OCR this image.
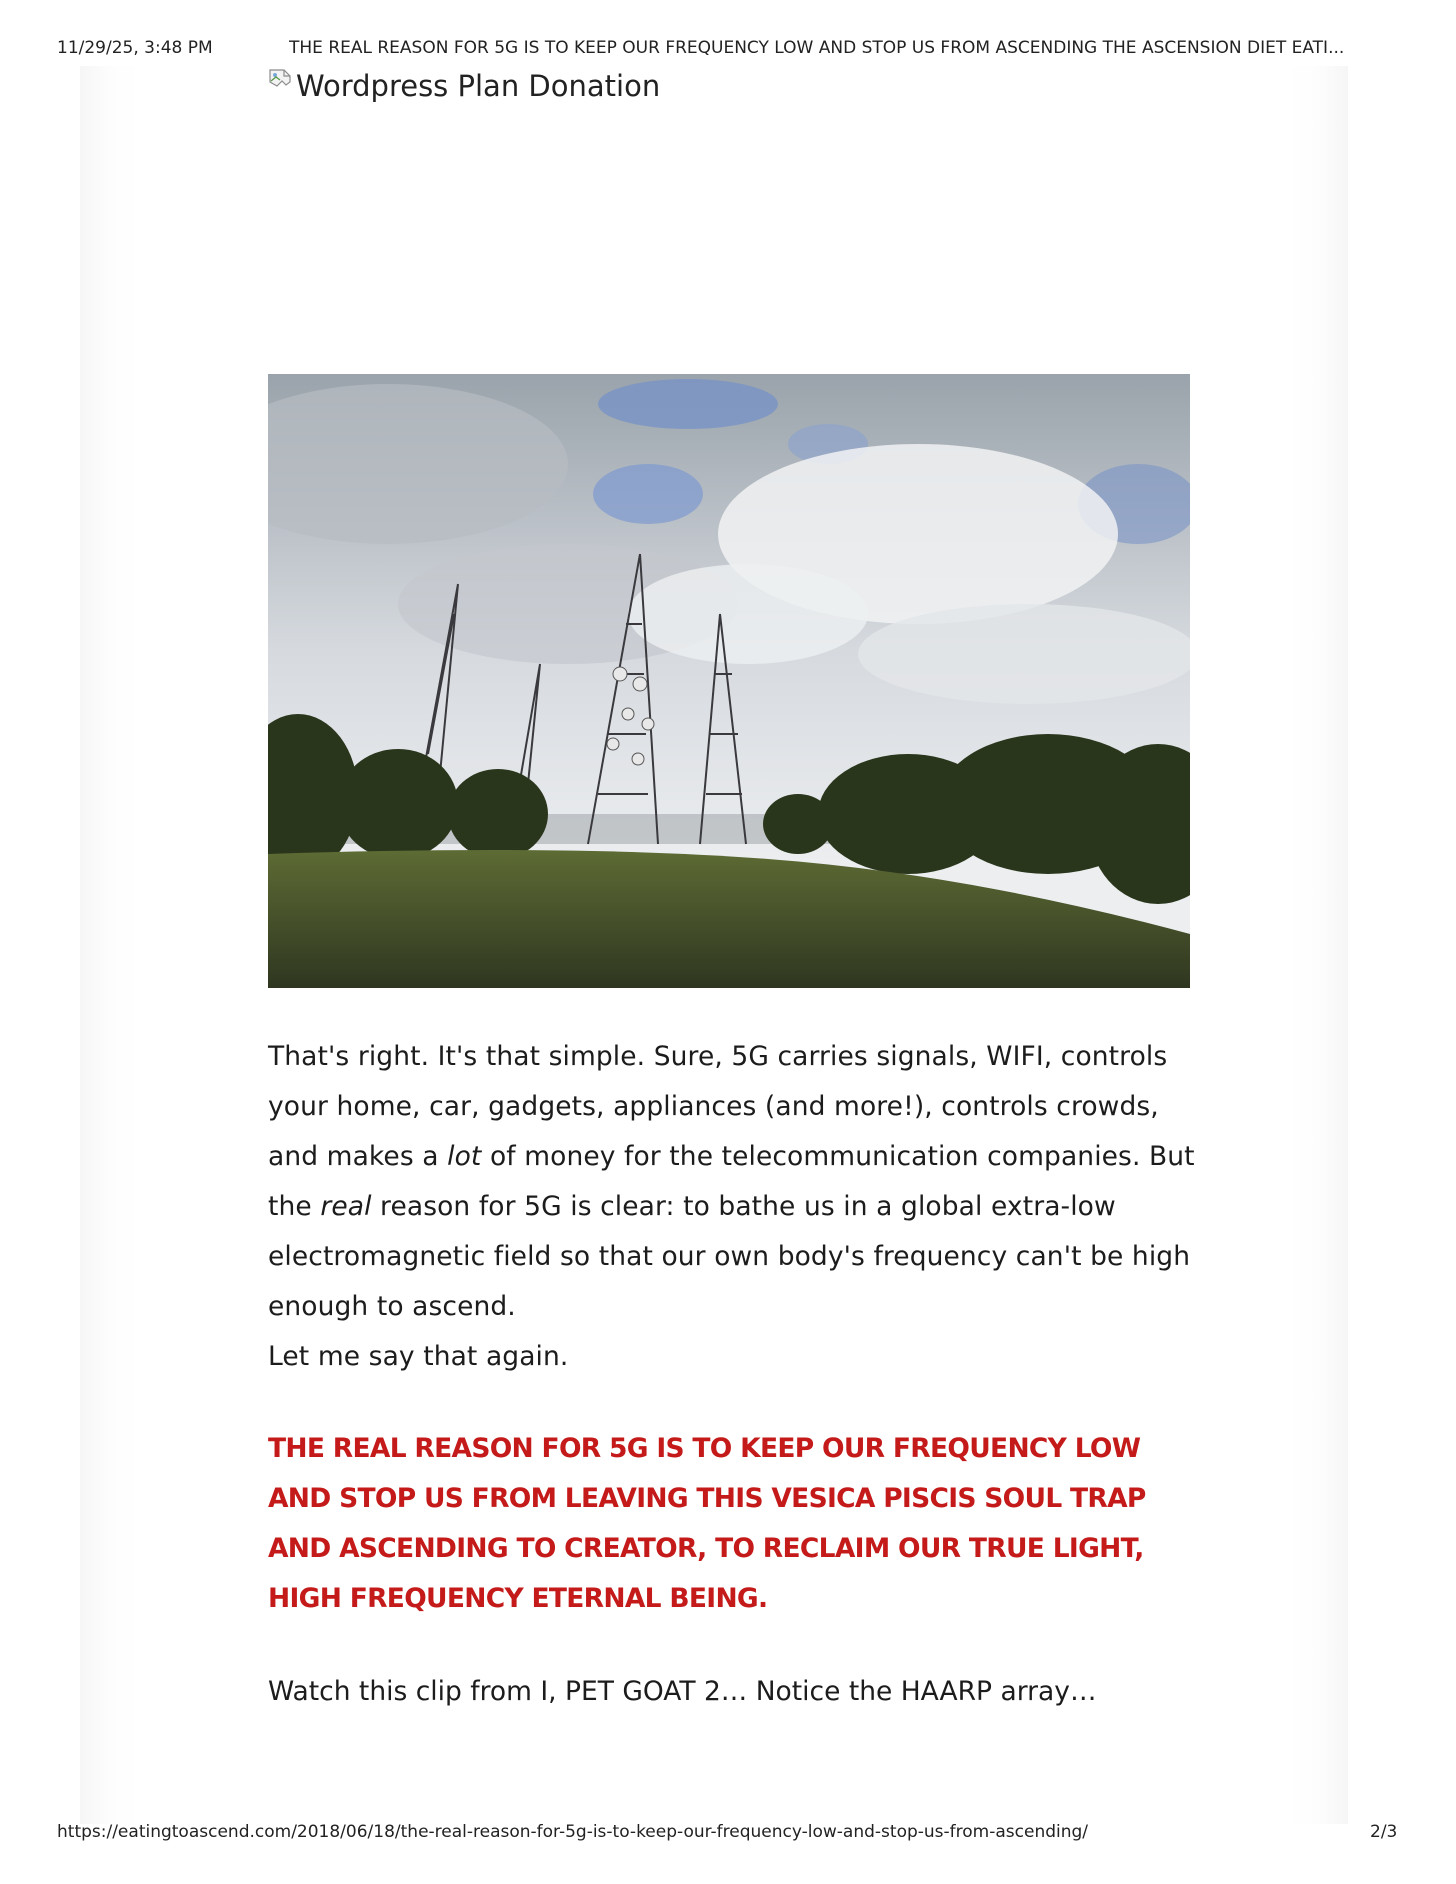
11/29/25, 3:48 PM	THE REAL REASON FOR 5G IS TO KEEP OUR FREQUENCY LOW AND STOP US FROM ASCENDING THE ASCENSION DIET EATI...
Wordpress Plan Donation

That's right. It's that simple. Sure, 5G carries signals, WIFI, controls your home, car, gadgets, appliances (and more!), controls crowds, and makes a lot of money for the telecommunication companies. But the real reason for 5G is clear: to bathe us in a global extra-low electromagnetic field so that our own body's frequency can't be high enough to ascend.

Let me say that again.

THE REAL REASON FOR 5G IS TO KEEP OUR FREQUENCY LOW AND STOP US FROM LEAVING THIS VESICA PISCIS SOUL TRAP AND ASCENDING TO CREATOR, TO RECLAIM OUR TRUE LIGHT, HIGH FREQUENCY ETERNAL BEING.
Watch this clip from I, PET GOAT 2… Notice the HAARP array…
https://eatingtoascend.com/2018/06/18/the-real-reason-for-5g-is-to-keep-our-frequency-low-and-stop-us-from-ascending/	2/3
